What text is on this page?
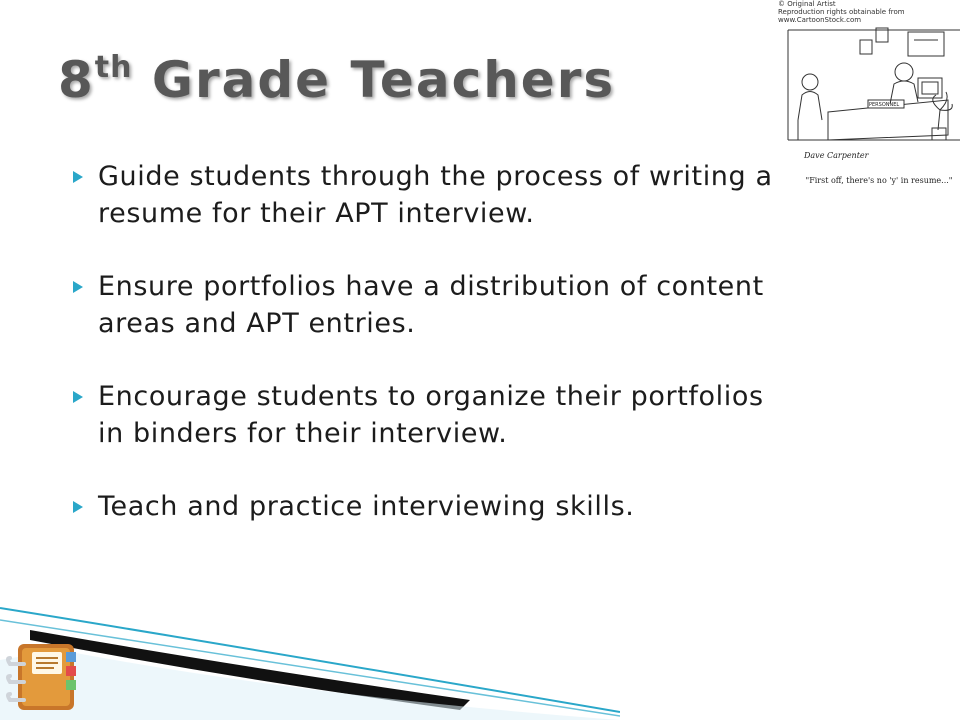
8th Grade Teachers
Guide students through the process of writing a resume for their APT interview.
Ensure portfolios have a distribution of content areas and APT entries.
Encourage students to organize their portfolios in binders for their interview.
Teach and practice interviewing skills.
PERSONNEL
Dave Carpenter
© Original Artist
Reproduction rights obtainable from
www.CartoonStock.com
"First off, there's no 'y' in resume..."
